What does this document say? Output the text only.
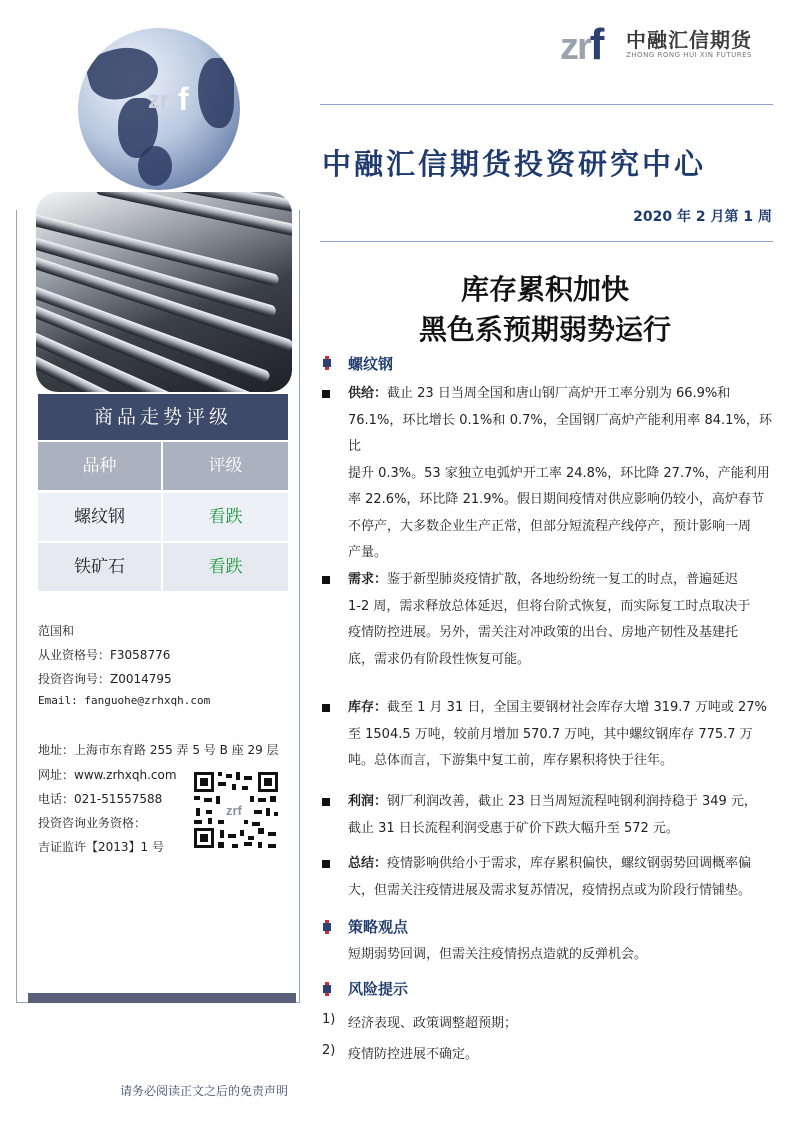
zr f
zrf 中融汇信期货
ZHONG RONG HUI XIN FUTURES
中融汇信期货投资研究中心
2020 年 2 月第 1 周
库存累积加快
黑色系预期弱势运行
商品走势评级
品种	评级
螺纹钢	看跌
铁矿石	看跌
范国和
从业资格号：F3058776
投资咨询号：Z0014795
Email: fanguohe@zrhxqh.com
地址：上海市东育路 255 弄 5 号 B 座 29 层
网址：www.zrhxqh.com
电话：021-51557588
投资咨询业务资格：
吉证监许【2013】1 号
zrf
请务必阅读正文之后的免责声明
螺纹钢
供给：截止 23 日当周全国和唐山钢厂高炉开工率分别为 66.9%和
76.1%，环比增长 0.1%和 0.7%，全国钢厂高炉产能利用率 84.1%，环比
提升 0.3%。53 家独立电弧炉开工率 24.8%，环比降 27.7%，产能利用
率 22.6%，环比降 21.9%。假日期间疫情对供应影响仍较小，高炉春节
不停产，大多数企业生产正常，但部分短流程产线停产，预计影响一周
产量。
需求：鉴于新型肺炎疫情扩散，各地纷纷统一复工的时点，普遍延迟
1-2 周，需求释放总体延迟，但将台阶式恢复，而实际复工时点取决于
疫情防控进展。另外，需关注对冲政策的出台、房地产韧性及基建托
底，需求仍有阶段性恢复可能。
库存：截至 1 月 31 日，全国主要钢材社会库存大增 319.7 万吨或 27%
至 1504.5 万吨，较前月增加 570.7 万吨，其中螺纹钢库存 775.7 万
吨。总体而言，下游集中复工前，库存累积将快于往年。
利润：钢厂利润改善，截止 23 日当周短流程吨钢利润持稳于 349 元，
截止 31 日长流程利润受惠于矿价下跌大幅升至 572 元。
总结：疫情影响供给小于需求，库存累积偏快，螺纹钢弱势回调概率偏
大，但需关注疫情进展及需求复苏情况，疫情拐点或为阶段行情铺垫。
策略观点
短期弱势回调，但需关注疫情拐点造就的反弹机会。
风险提示
1) 经济表现、政策调整超预期；
2) 疫情防控进展不确定。
